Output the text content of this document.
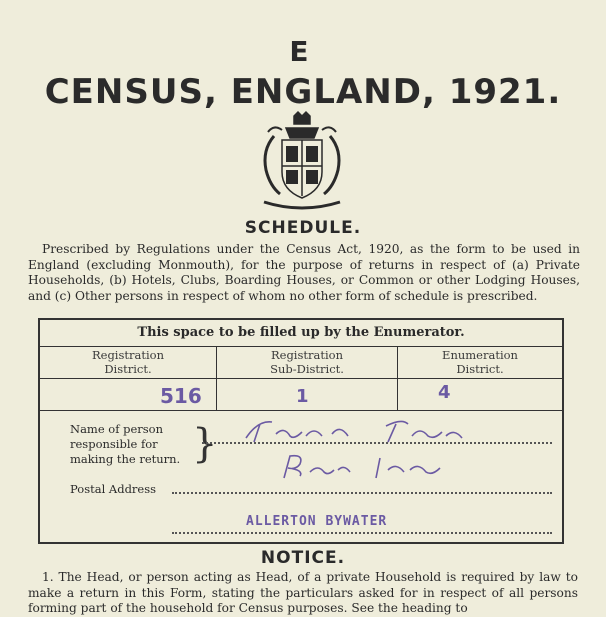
E
CENSUS, ENGLAND, 1921.
SCHEDULE.
Prescribed by Regulations under the Census Act, 1920, as the form to be used in England (excluding Monmouth), for the purpose of returns in respect of (a) Private Households, (b) Hotels, Clubs, Boarding Houses, or Common or other Lodging Houses, and (c) Other persons in respect of whom no other form of schedule is prescribed.
This space to be filled up by the Enumerator.
Registration
District.
Registration
Sub-District.
Enumeration
District.
516	1	4
Name of person
responsible for
making the return. }
Postal Address
ALLERTON BYWATER
NOTICE.
1. The Head, or person acting as Head, of a private Household is required by law to make a return in this Form, stating the particulars asked for in respect of all persons forming part of the household for Census purposes. See the heading to
